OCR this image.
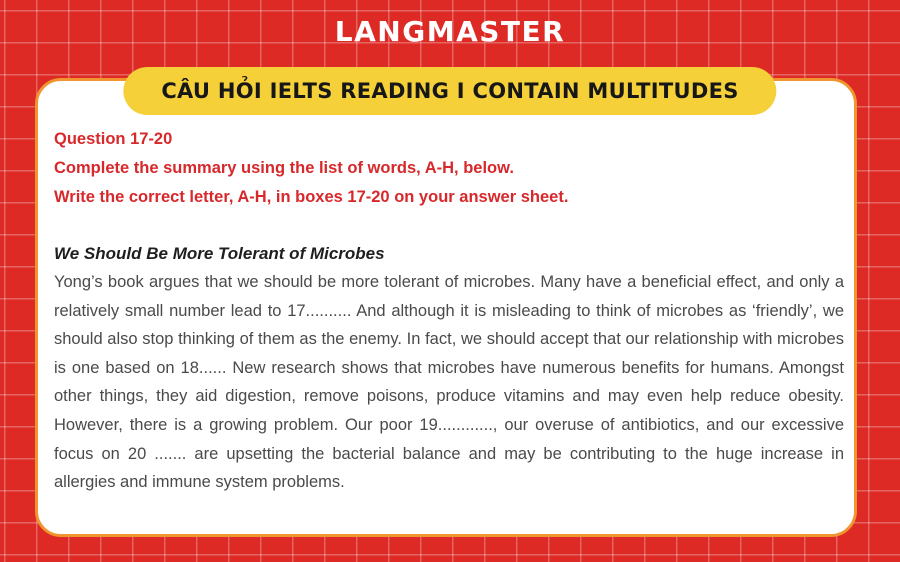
LANGMASTER
CÂU HỎI IELTS READING I CONTAIN MULTITUDES
Question 17-20
Complete the summary using the list of words, A-H, below.
Write the correct letter, A-H, in boxes 17-20 on your answer sheet.
We Should Be More Tolerant of Microbes
Yong’s book argues that we should be more tolerant of microbes. Many have a beneficial effect, and only a relatively small number lead to 17.......... And although it is misleading to think of microbes as ‘friendly’, we should also stop thinking of them as the enemy. In fact, we should accept that our relationship with microbes is one based on 18...... New research shows that microbes have numerous benefits for humans. Amongst other things, they aid digestion, remove poisons, produce vitamins and may even help reduce obesity. However, there is a growing problem. Our poor 19............, our overuse of antibiotics, and our excessive focus on 20 ....... are upsetting the bacterial balance and may be contributing to the huge increase in allergies and immune system problems.
